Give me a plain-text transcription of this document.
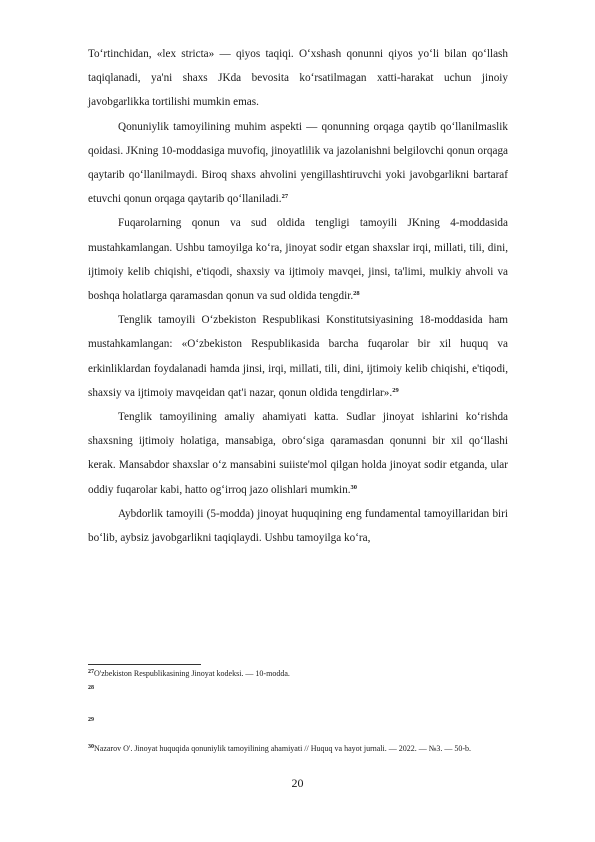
To‘rtinchidan, «lex stricta» — qiyos taqiqi. O‘xshash qonunni qiyos yo‘li bilan qo‘llash taqiqlanadi, ya'ni shaxs JKda bevosita ko‘rsatilmagan xatti-harakat uchun jinoiy javobgarlikka tortilishi mumkin emas.

Qonuniylik tamoyilining muhim aspekti — qonunning orqaga qaytib qo‘llanilmaslik qoidasi. JKning 10-moddasiga muvofiq, jinoyatlilik va jazolanishni belgilovchi qonun orqaga qaytarib qo‘llanilmaydi. Biroq shaxs ahvolini yengillashtiruvchi yoki javobgarlikni bartaraf etuvchi qonun orqaga qaytarib qo‘llaniladi.$^{27}$

Fuqarolarning qonun va sud oldida tengligi tamoyili JKning 4-moddasida mustahkamlangan. Ushbu tamoyilga ko‘ra, jinoyat sodir etgan shaxslar irqi, millati, tili, dini, ijtimoiy kelib chiqishi, e'tiqodi, shaxsiy va ijtimoiy mavqei, jinsi, ta'limi, mulkiy ahvoli va boshqa holatlarga qaramasdan qonun va sud oldida tengdir.$^{28}$

Tenglik tamoyili O‘zbekiston Respublikasi Konstitutsiyasining 18-moddasida ham mustahkamlangan: «O‘zbekiston Respublikasida barcha fuqarolar bir xil huquq va erkinliklardan foydalanadi hamda jinsi, irqi, millati, tili, dini, ijtimoiy kelib chiqishi, e'tiqodi, shaxsiy va ijtimoiy mavqeidan qat'i nazar, qonun oldida tengdirlar».$^{29}$

Tenglik tamoyilining amaliy ahamiyati katta. Sudlar jinoyat ishlarini ko‘rishda shaxsning ijtimoiy holatiga, mansabiga, obro‘siga qaramasdan qonunni bir xil qo‘llashi kerak. Mansabdor shaxslar o‘z mansabini suiiste'mol qilgan holda jinoyat sodir etganda, ular oddiy fuqarolar kabi, hatto og‘irroq jazo olishlari mumkin.$^{30}$

Aybdorlik tamoyili (5-modda) jinoyat huquqining eng fundamental tamoyillaridan biri bo‘lib, aybsiz javobgarlikni taqiqlaydi. Ushbu tamoyilga ko‘ra,

$^{27}$O'zbekiston Respublikasining Jinoyat kodeksi. — 10-modda.
28
29
$^{30}$Nazarov O'. Jinoyat huquqida qonuniylik tamoyilining ahamiyati // Huquq va hayot jurnali. — 2022. — №3. — 50-b.
20
